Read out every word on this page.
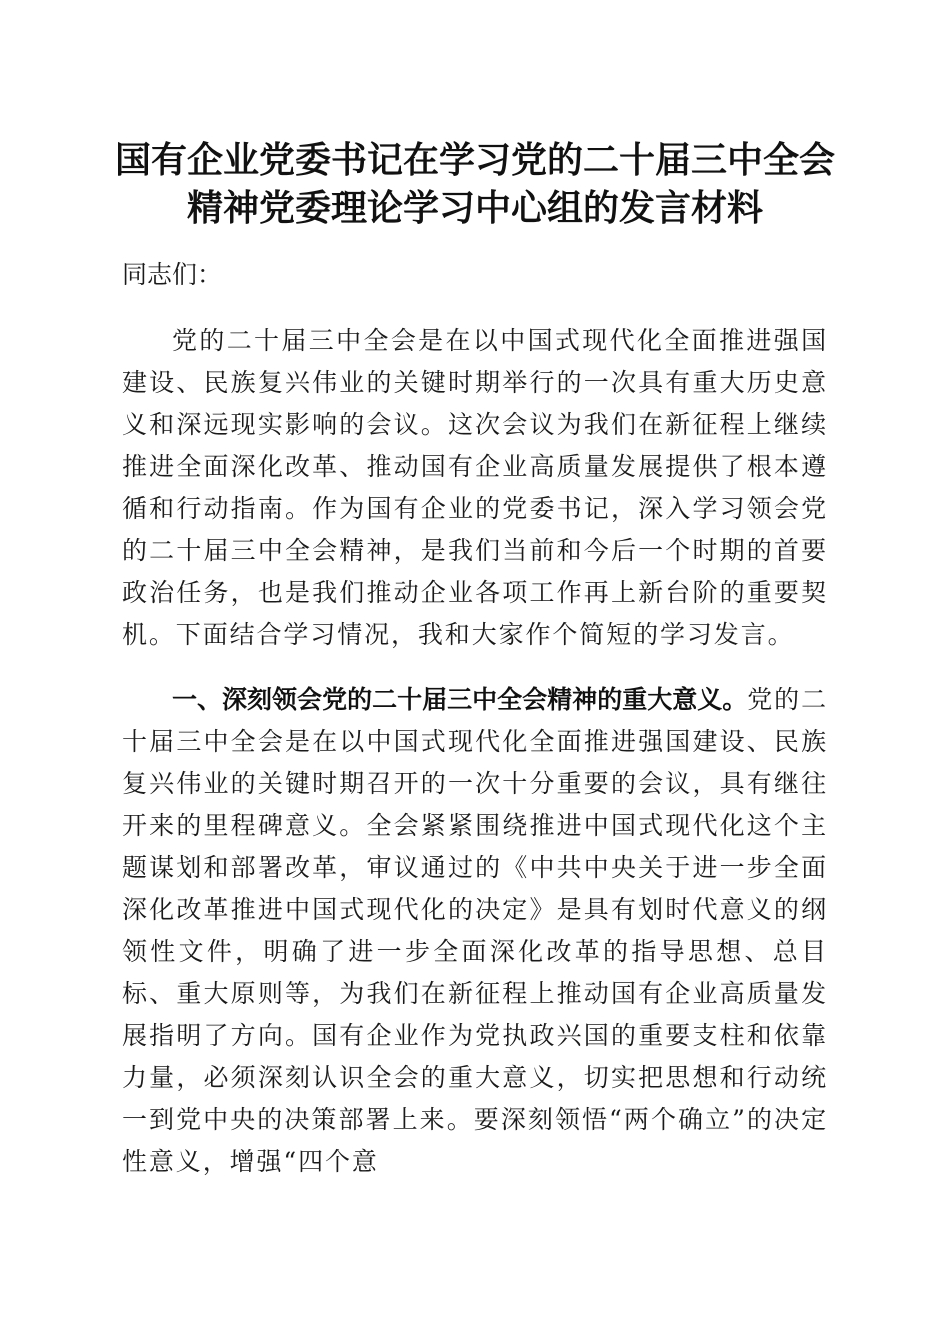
国有企业党委书记在学习党的二十届三中全会
精神党委理论学习中心组的发言材料
同志们：

党的二十届三中全会是在以中国式现代化全面推进强国建设、民族复兴伟业的关键时期举行的一次具有重大历史意义和深远现实影响的会议。这次会议为我们在新征程上继续推进全面深化改革、推动国有企业高质量发展提供了根本遵循和行动指南。作为国有企业的党委书记，深入学习领会党的二十届三中全会精神，是我们当前和今后一个时期的首要政治任务，也是我们推动企业各项工作再上新台阶的重要契机。下面结合学习情况，我和大家作个简短的学习发言。

一、深刻领会党的二十届三中全会精神的重大意义。党的二十届三中全会是在以中国式现代化全面推进强国建设、民族复兴伟业的关键时期召开的一次十分重要的会议，具有继往开来的里程碑意义。全会紧紧围绕推进中国式现代化这个主题谋划和部署改革，审议通过的《中共中央关于进一步全面深化改革推进中国式现代化的决定》是具有划时代意义的纲领性文件，明确了进一步全面深化改革的指导思想、总目标、重大原则等，为我们在新征程上推动国有企业高质量发展指明了方向。国有企业作为党执政兴国的重要支柱和依靠力量，必须深刻认识全会的重大意义，切实把思想和行动统一到党中央的决策部署上来。要深刻领悟“两个确立”的决定性意义，增强“四个意
